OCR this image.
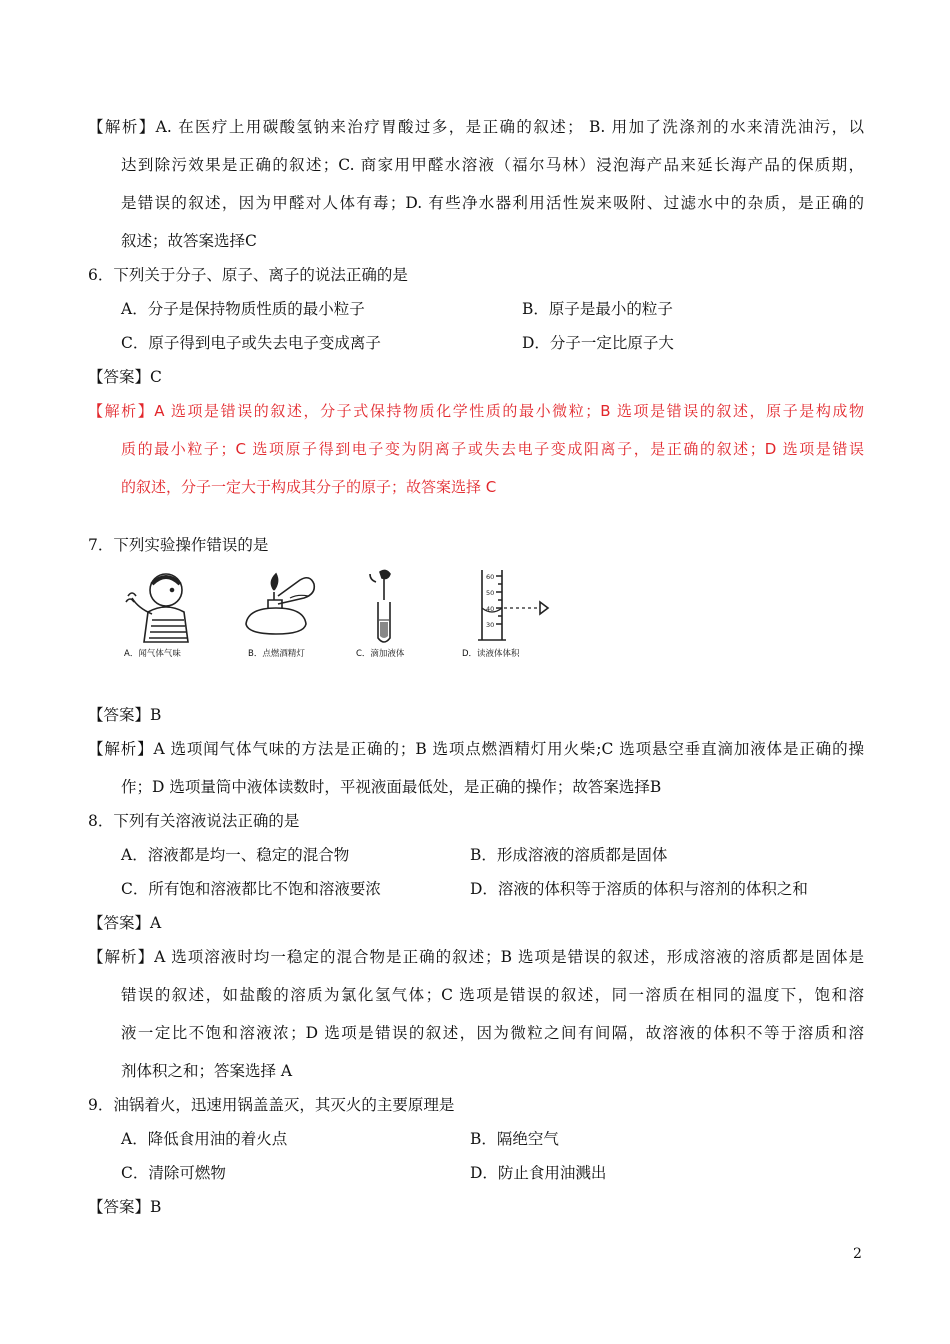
【解析】A. 在医疗上用碳酸氢钠来治疗胃酸过多，是正确的叙述； B. 用加了洗涤剂的水来清洗油污，以
达到除污效果是正确的叙述；C. 商家用甲醛水溶液（福尔马林）浸泡海产品来延长海产品的保质期，
是错误的叙述，因为甲醛对人体有毒；D. 有些净水器利用活性炭来吸附、过滤水中的杂质，是正确的
叙述；故答案选择C
6．下列关于分子、原子、离子的说法正确的是
A．分子是保持物质性质的最小粒子	B．原子是最小的粒子
C．原子得到电子或失去电子变成离子	D．分子一定比原子大
【答案】C
【解析】A 选项是错误的叙述，分子式保持物质化学性质的最小微粒；B 选项是错误的叙述，原子是构成物
质的最小粒子；C 选项原子得到电子变为阴离子或失去电子变成阳离子，是正确的叙述；D 选项是错误
的叙述，分子一定大于构成其分子的原子；故答案选择 C
7．下列实验操作错误的是
A．闻气体气味	B．点燃酒精灯	C．滴加液体
60
50
40
30
D．读液体体积
【答案】B
【解析】A 选项闻气体气味的方法是正确的；B 选项点燃酒精灯用火柴;C 选项悬空垂直滴加液体是正确的操
作；D 选项量筒中液体读数时，平视液面最低处，是正确的操作；故答案选择B
8．下列有关溶液说法正确的是
A．溶液都是均一、稳定的混合物	B．形成溶液的溶质都是固体
C．所有饱和溶液都比不饱和溶液要浓	D．溶液的体积等于溶质的体积与溶剂的体积之和
【答案】A
【解析】A 选项溶液时均一稳定的混合物是正确的叙述；B 选项是错误的叙述，形成溶液的溶质都是固体是
错误的叙述，如盐酸的溶质为氯化氢气体；C 选项是错误的叙述，同一溶质在相同的温度下，饱和溶
液一定比不饱和溶液浓；D 选项是错误的叙述，因为微粒之间有间隔，故溶液的体积不等于溶质和溶
剂体积之和；答案选择 A
9．油锅着火，迅速用锅盖盖灭，其灭火的主要原理是
A．降低食用油的着火点	B．隔绝空气
C．清除可燃物	D．防止食用油溅出
【答案】B
2
